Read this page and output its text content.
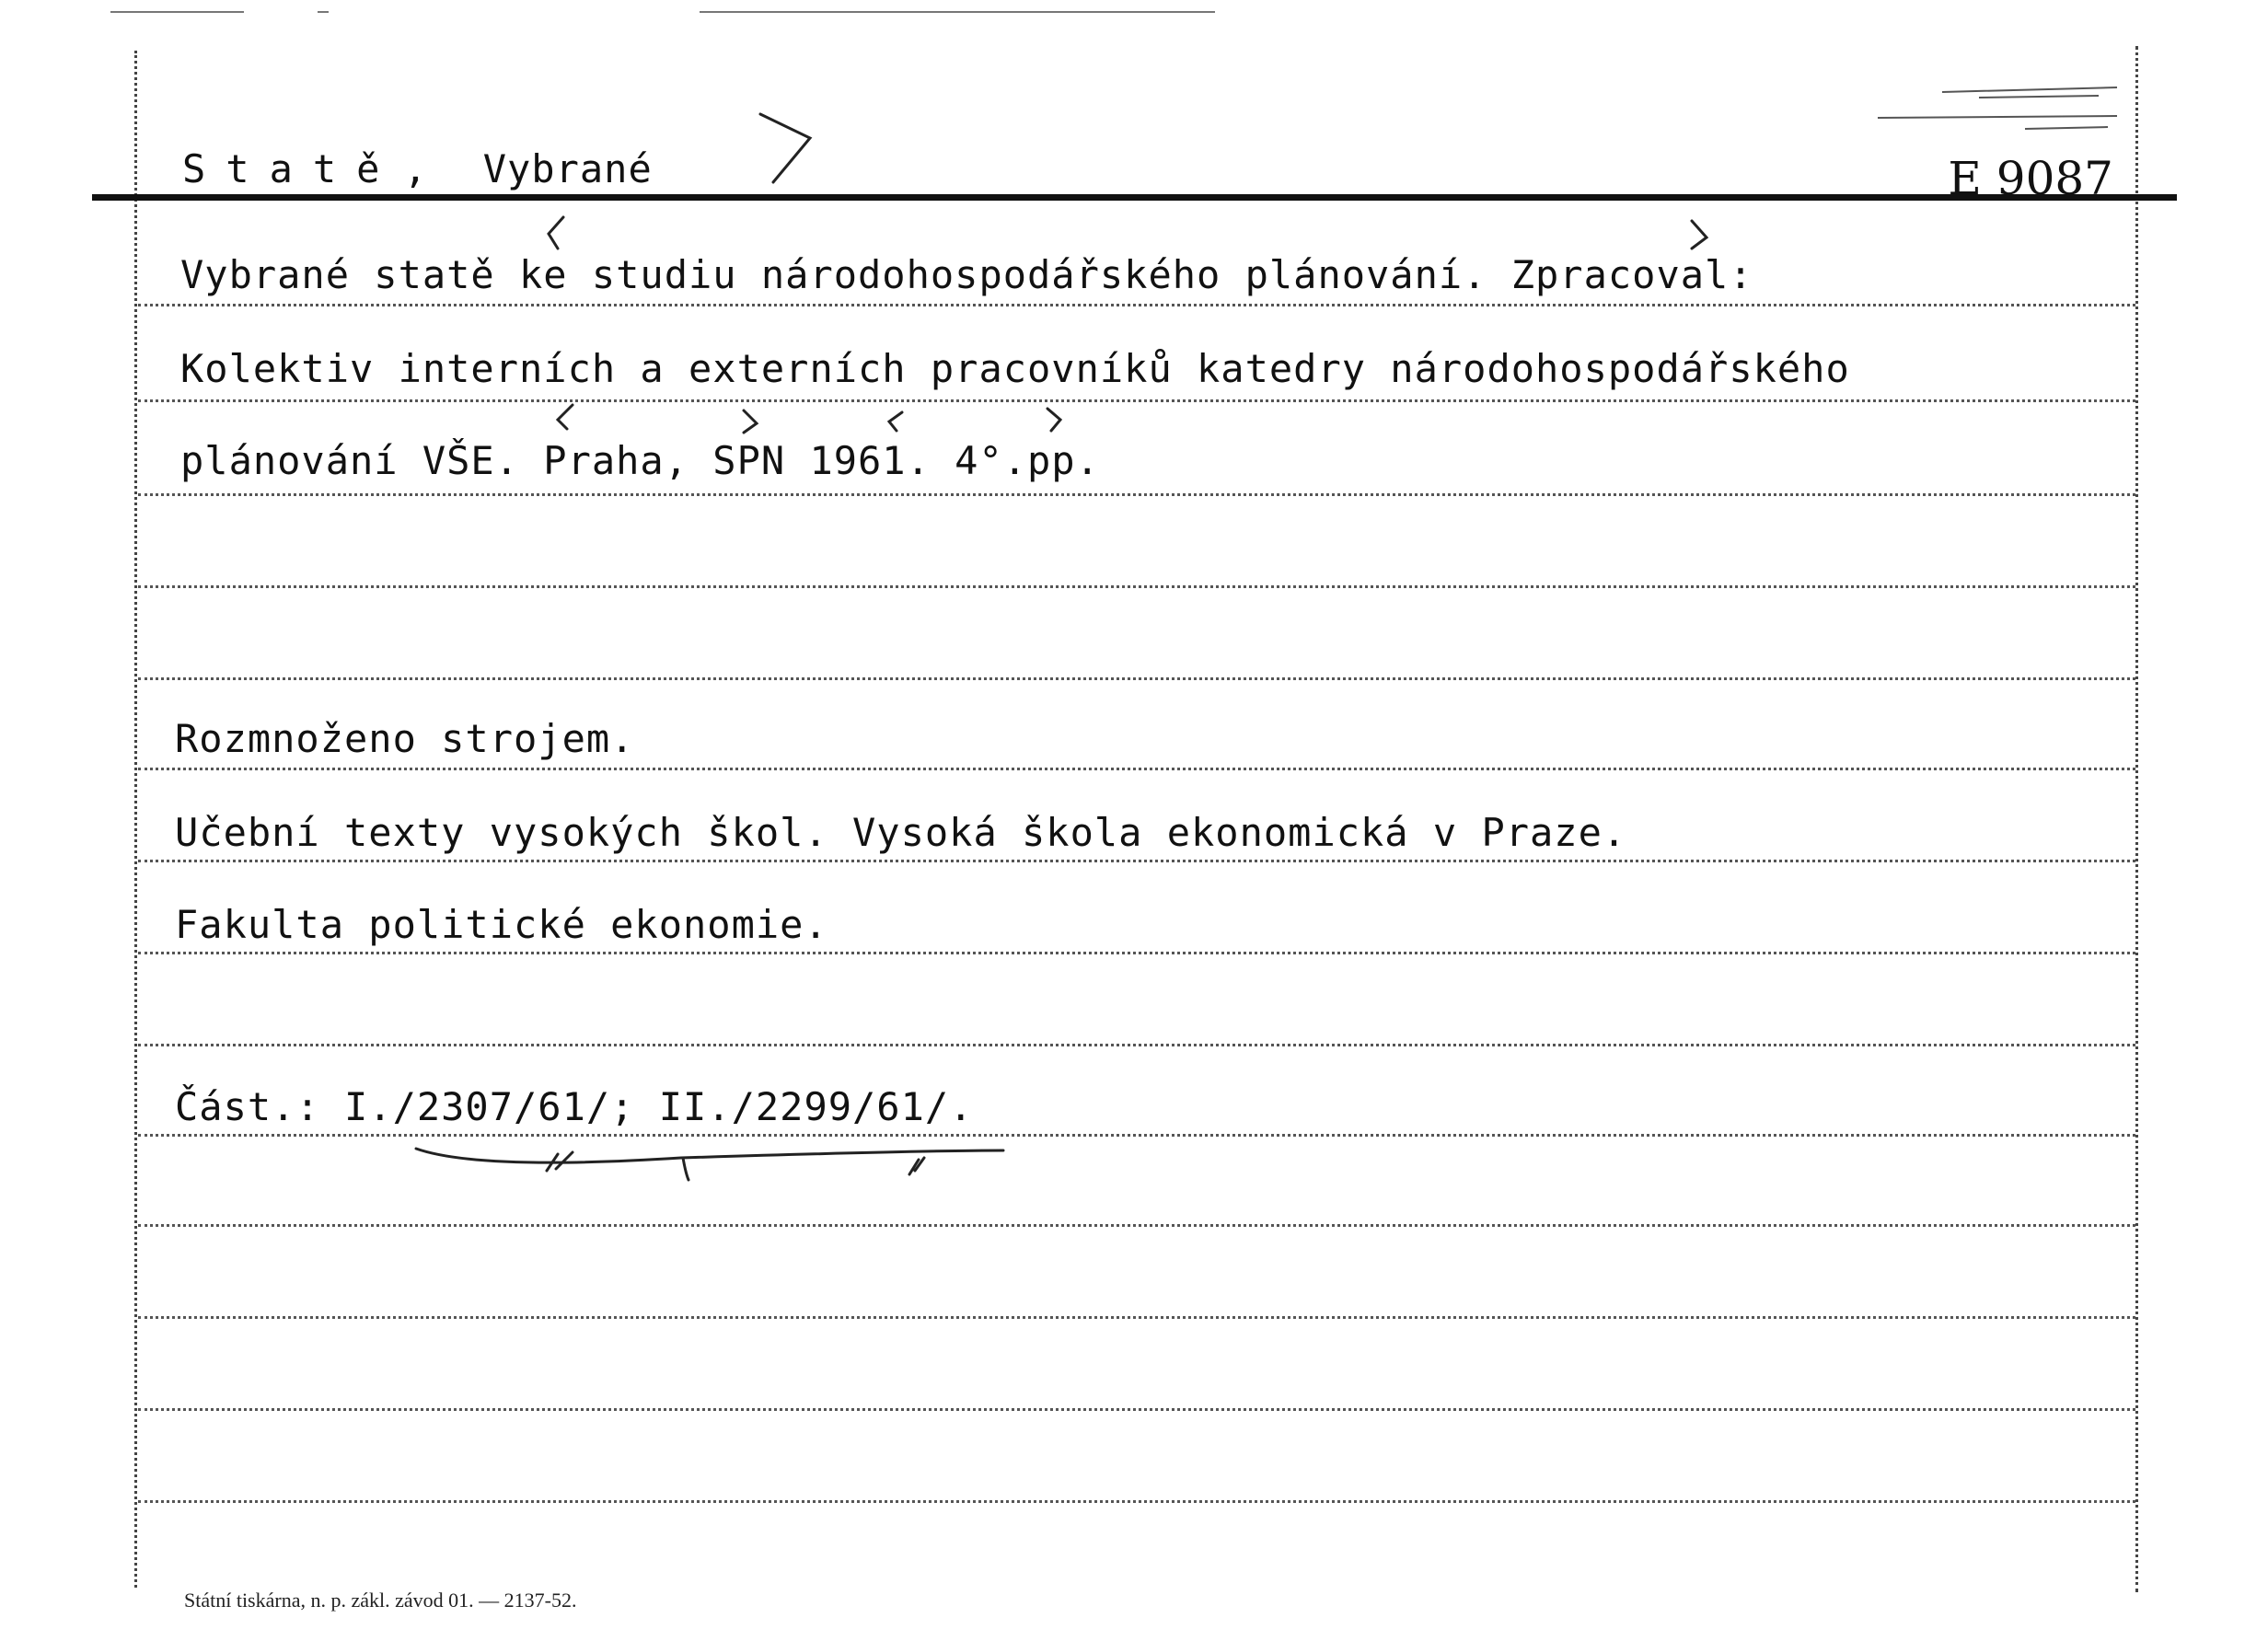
Statě, Vybrané	E 9087
Vybrané statě ke studiu národohospodářského plánování. Zpracoval:
Kolektiv interních a externích pracovníků katedry národohospodářského
plánování VŠE. Praha, SPN 1961. 4°.pp.
Rozmnoženo strojem.
Učební texty vysokých škol. Vysoká škola ekonomická v Praze.
Fakulta politické ekonomie.
Část.: I./2307/61/; II./2299/61/.
Státní tiskárna, n. p. zákl. závod 01. — 2137-52.
